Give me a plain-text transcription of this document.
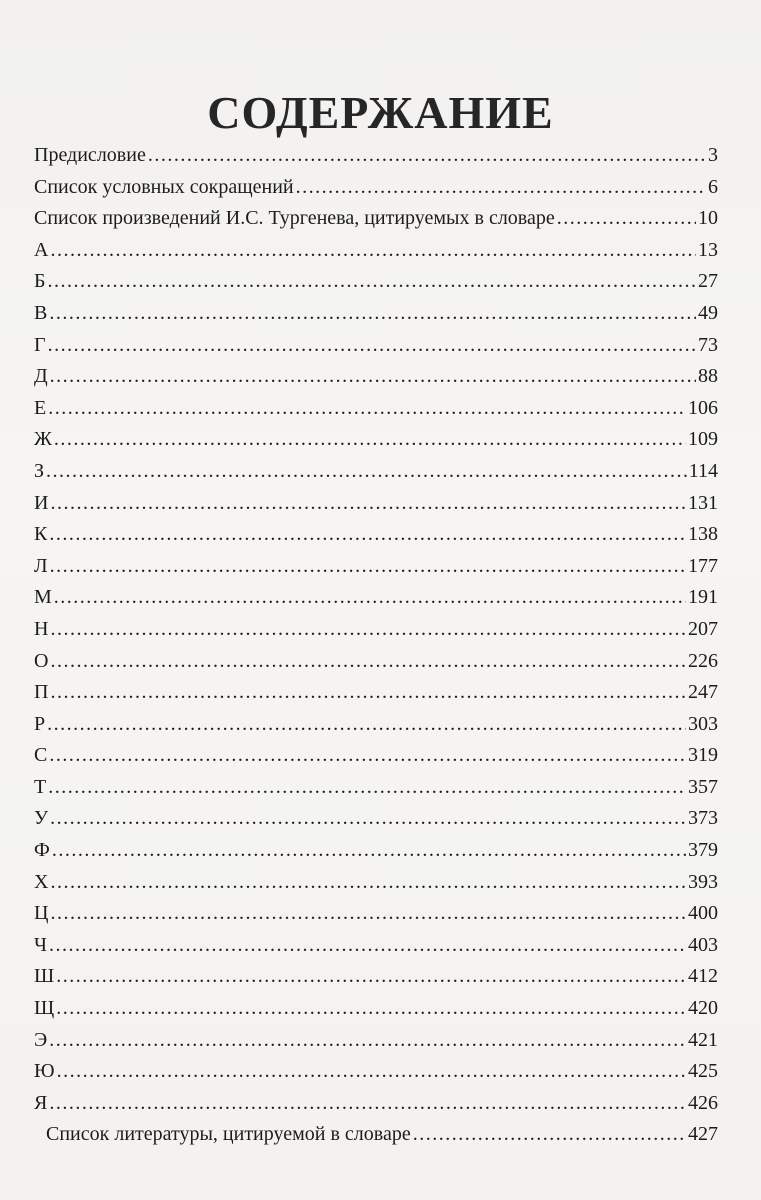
СОДЕРЖАНИЕ
Предисловие .....	3
Список условных сокращений .....	6
Список произведений И.С. Тургенева, цитируемых в словаре .....	10
А .....	13
Б .....	27
В .....	49
Г .....	73
Д .....	88
Е .....	106
Ж .....	109
З .....	114
И .....	131
К .....	138
Л .....	177
М .....	191
Н .....	207
О .....	226
П .....	247
Р .....	303
С .....	319
Т .....	357
У .....	373
Ф .....	379
Х .....	393
Ц .....	400
Ч .....	403
Ш .....	412
Щ .....	420
Э .....	421
Ю .....	425
Я .....	426
Список литературы, цитируемой в словаре .....	427
